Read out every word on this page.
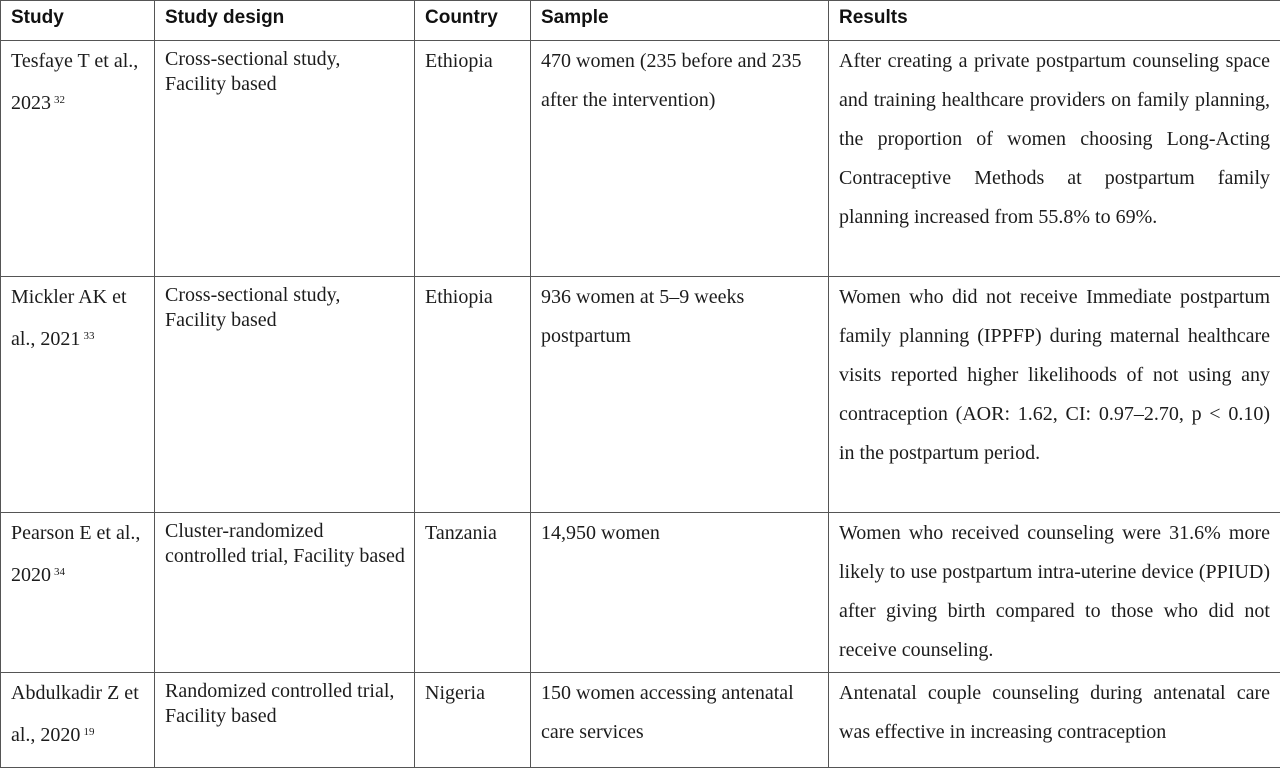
Study	Study design	Country	Sample	Results
Tesfaye T et al., 2023 $^{32}$	Cross-sectional study, Facility based	Ethiopia	470 women (235 before and 235 after the intervention)	After creating a private postpartum counseling space and training healthcare providers on family planning, the proportion of women choosing Long-Acting Contraceptive Methods at postpartum family planning increased from 55.8% to 69%.
Mickler AK et al., 2021 $^{33}$	Cross-sectional study, Facility based	Ethiopia	936 women at 5–9 weeks postpartum	Women who did not receive Immediate postpartum family planning (IPPFP) during maternal healthcare visits reported higher likelihoods of not using any contraception (AOR: 1.62, CI: 0.97–2.70, p < 0.10) in the postpartum period.
Pearson E et al., 2020 $^{34}$	Cluster-randomized controlled trial, Facility based	Tanzania	14,950 women	Women who received counseling were 31.6% more likely to use postpartum intra-uterine device (PPIUD) after giving birth compared to those who did not receive counseling.
Abdulkadir Z et al., 2020 $^{19}$	Randomized controlled trial, Facility based	Nigeria	150 women accessing antenatal care services	Antenatal couple counseling during antenatal care was effective in increasing contraception
